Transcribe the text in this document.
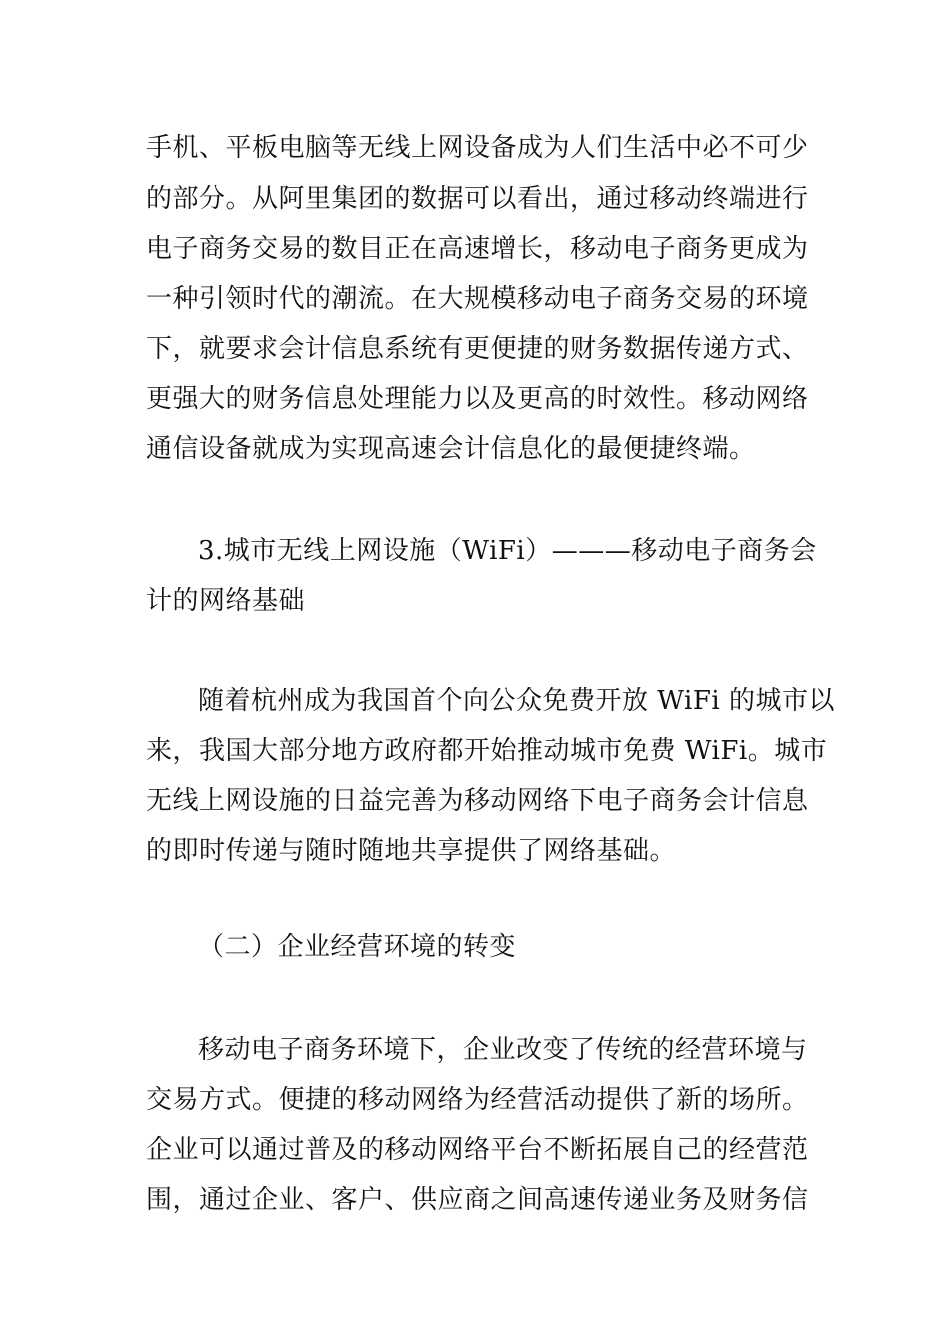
手机、平板电脑等无线上网设备成为人们生活中必不可少
的部分。从阿里集团的数据可以看出，通过移动终端进行
电子商务交易的数目正在高速增长，移动电子商务更成为
一种引领时代的潮流。在大规模移动电子商务交易的环境
下，就要求会计信息系统有更便捷的财务数据传递方式、
更强大的财务信息处理能力以及更高的时效性。移动网络
通信设备就成为实现高速会计信息化的最便捷终端。
3.城市无线上网设施（WiFi）———移动电子商务会
计的网络基础
随着杭州成为我国首个向公众免费开放 WiFi 的城市以
来，我国大部分地方政府都开始推动城市免费 WiFi。城市
无线上网设施的日益完善为移动网络下电子商务会计信息
的即时传递与随时随地共享提供了网络基础。
（二）企业经营环境的转变
移动电子商务环境下，企业改变了传统的经营环境与
交易方式。便捷的移动网络为经营活动提供了新的场所。
企业可以通过普及的移动网络平台不断拓展自己的经营范
围，通过企业、客户、供应商之间高速传递业务及财务信
